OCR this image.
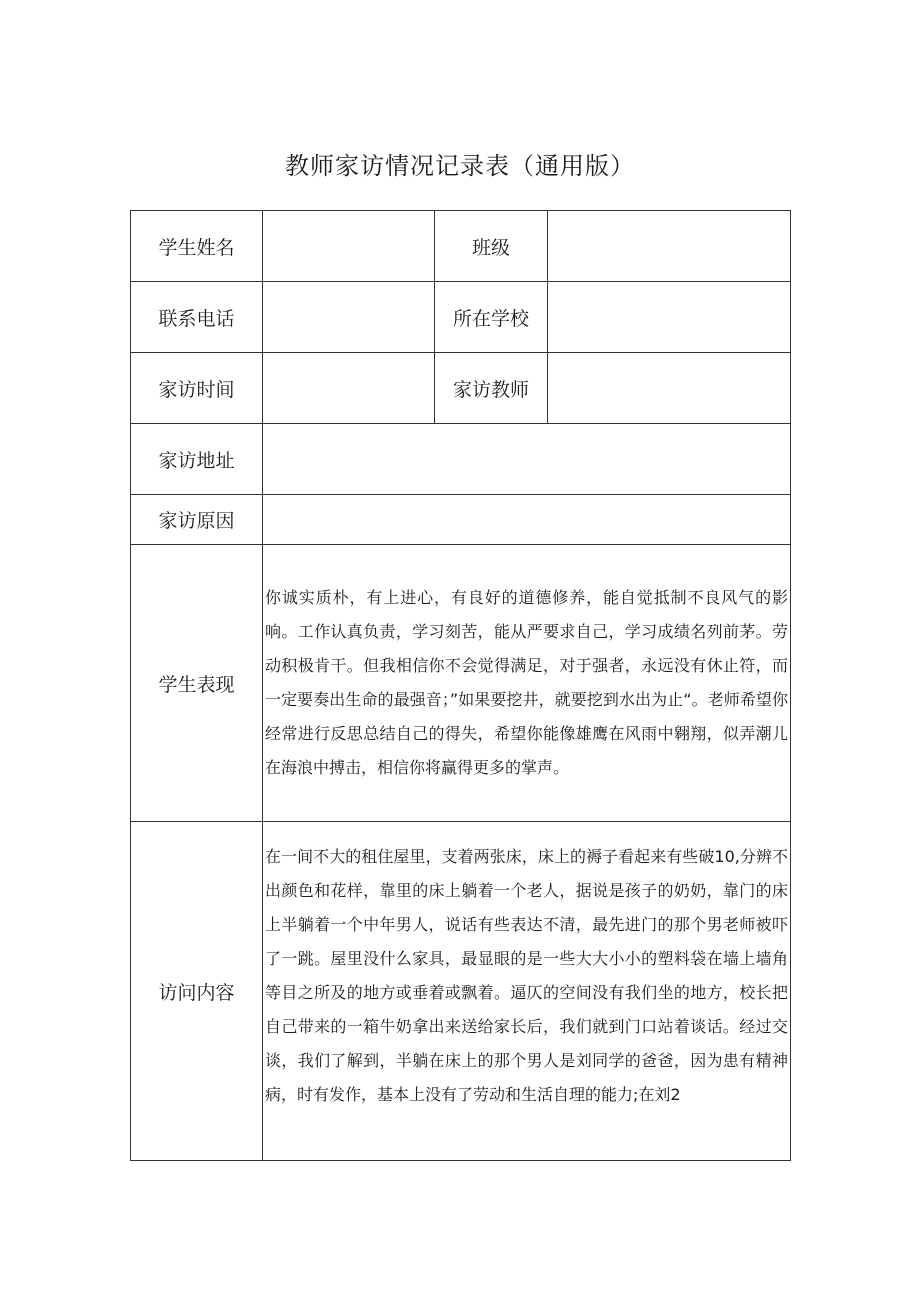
教师家访情况记录表（通用版）
学生姓名		班级	
联系电话		所在学校	
家访时间		家访教师	
家访地址			
家访原因			
学生表现	你诚实质朴，有上进心，有良好的道德修养，能自觉抵制不良风气的影响。工作认真负责，学习刻苦，能从严要求自己，学习成绩名列前茅。劳动积极肯干。但我相信你不会觉得满足，对于强者，永远没有休止符，而一定要奏出生命的最强音；”如果要挖井，就要挖到水出为止“。老师希望你经常进行反思总结自己的得失，希望你能像雄鹰在风雨中翱翔，似弄潮儿在海浪中搏击，相信你将赢得更多的掌声。		
访问内容	在一间不大的租住屋里，支着两张床，床上的褥子看起来有些破10,分辨不出颜色和花样，靠里的床上躺着一个老人，据说是孩子的奶奶，靠门的床上半躺着一个中年男人，说话有些表达不清，最先进门的那个男老师被吓了一跳。屋里没什么家具，最显眼的是一些大大小小的塑料袋在墙上墙角等目之所及的地方或垂着或飘着。逼仄的空间没有我们坐的地方，校长把自己带来的一箱牛奶拿出来送给家长后，我们就到门口站着谈话。经过交谈，我们了解到，半躺在床上的那个男人是刘同学的爸爸，因为患有精神病，时有发作，基本上没有了劳动和生活自理的能力;在刘2		
